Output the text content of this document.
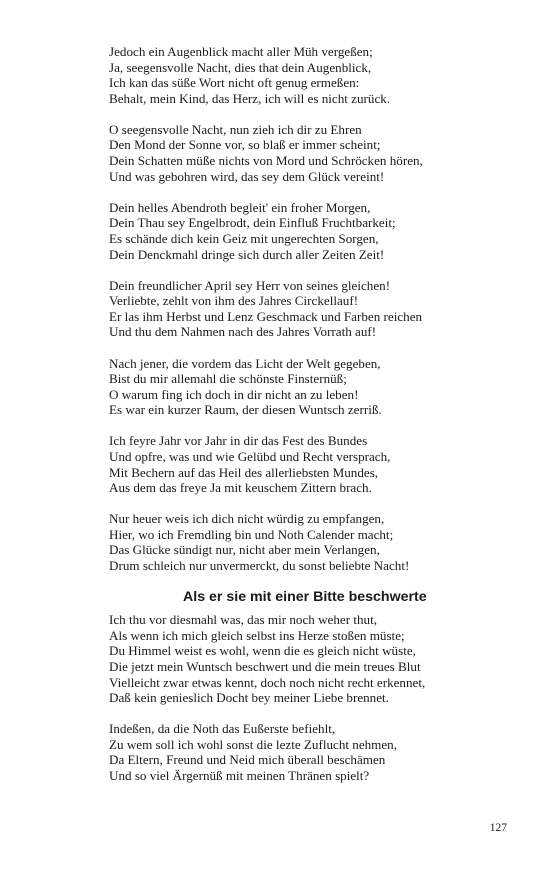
Jedoch ein Augenblick macht aller Müh vergeßen;
Ja, seegensvolle Nacht, dies that dein Augenblick,
Ich kan das süße Wort nicht oft genug ermeßen:
Behalt, mein Kind, das Herz, ich will es nicht zurück.
O seegensvolle Nacht, nun zieh ich dir zu Ehren
Den Mond der Sonne vor, so blaß er immer scheint;
Dein Schatten müße nichts von Mord und Schröcken hören,
Und was gebohren wird, das sey dem Glück vereint!
Dein helles Abendroth begleit' ein froher Morgen,
Dein Thau sey Engelbrodt, dein Einfluß Fruchtbarkeit;
Es schände dich kein Geiz mit ungerechten Sorgen,
Dein Denckmahl dringe sich durch aller Zeiten Zeit!
Dein freundlicher April sey Herr von seines gleichen!
Verliebte, zehlt von ihm des Jahres Circkellauf!
Er las ihm Herbst und Lenz Geschmack und Farben reichen
Und thu dem Nahmen nach des Jahres Vorrath auf!
Nach jener, die vordem das Licht der Welt gegeben,
Bist du mir allemahl die schönste Finsternüß;
O warum fing ich doch in dir nicht an zu leben!
Es war ein kurzer Raum, der diesen Wuntsch zerriß.
Ich feyre Jahr vor Jahr in dir das Fest des Bundes
Und opfre, was und wie Gelübd und Recht versprach,
Mit Bechern auf das Heil des allerliebsten Mundes,
Aus dem das freye Ja mit keuschem Zittern brach.
Nur heuer weis ich dich nicht würdig zu empfangen,
Hier, wo ich Fremdling bin und Noth Calender macht;
Das Glücke sündigt nur, nicht aber mein Verlangen,
Drum schleich nur unvermerckt, du sonst beliebte Nacht!
Als er sie mit einer Bitte beschwerte
Ich thu vor diesmahl was, das mir noch weher thut,
Als wenn ich mich gleich selbst ins Herze stoßen müste;
Du Himmel weist es wohl, wenn die es gleich nicht wüste,
Die jetzt mein Wuntsch beschwert und die mein treues Blut
Vielleicht zwar etwas kennt, doch noch nicht recht erkennet,
Daß kein genieslich Docht bey meiner Liebe brennet.
Indeßen, da die Noth das Eußerste befiehlt,
Zu wem soll ich wohl sonst die lezte Zuflucht nehmen,
Da Eltern, Freund und Neid mich überall beschämen
Und so viel Ärgernüß mit meinen Thränen spielt?
127
